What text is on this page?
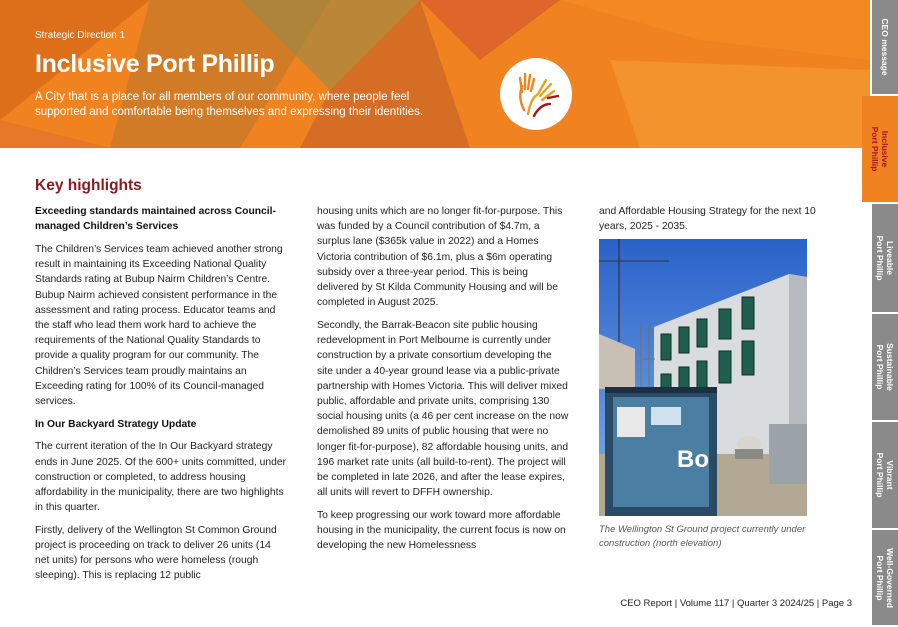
Strategic Direction 1
Inclusive Port Phillip
A City that is a place for all members of our community, where people feel supported and comfortable being themselves and expressing their identities.
CEO message
Inclusive
Port Phillip
Liveable
Port Phillip
Sustainable
Port Phillip
Vibrant
Port Phillip
Well-Governed
Port Phillip
Key highlights
Exceeding standards maintained across Council-managed Children’s Services

The Children’s Services team achieved another strong result in maintaining its Exceeding National Quality Standards rating at Bubup Nairm Children’s Centre. Bubup Nairm achieved consistent performance in the assessment and rating process. Educator teams and the staff who lead them work hard to achieve the requirements of the National Quality Standards to provide a quality program for our community. The Children’s Services team proudly maintains an Exceeding rating for 100% of its Council-managed services.

In Our Backyard Strategy Update

The current iteration of the In Our Backyard strategy ends in June 2025. Of the 600+ units committed, under construction or completed, to address housing affordability in the municipality, there are two highlights in this quarter.

Firstly, delivery of the Wellington St Common Ground project is proceeding on track to deliver 26 units (14 net units) for persons who were homeless (rough sleeping). This is replacing 12 public

housing units which are no longer fit-for-purpose. This was funded by a Council contribution of $4.7m, a surplus lane ($365k value in 2022) and a Homes Victoria contribution of $6.1m, plus a $6m operating subsidy over a three-year period. This is being delivered by St Kilda Community Housing and will be completed in August 2025.

Secondly, the Barrak-Beacon site public housing redevelopment in Port Melbourne is currently under construction by a private consortium developing the site under a 40-year ground lease via a public-private partnership with Homes Victoria. This will deliver mixed public, affordable and private units, comprising 130 social housing units (a 46 per cent increase on the now demolished 89 units of public housing that were no longer fit-for-purpose), 82 affordable housing units, and 196 market rate units (all build-to-rent). The project will be completed in late 2026, and after the lease expires, all units will revert to DFFH ownership.

To keep progressing our work toward more affordable housing in the municipality, the current focus is now on developing the new Homelessness

and Affordable Housing Strategy for the next 10 years, 2025 - 2035.

Bo
The Wellington St Ground project currently under construction (north elevation)
CEO Report | Volume 117 | Quarter 3 2024/25 | Page 3
